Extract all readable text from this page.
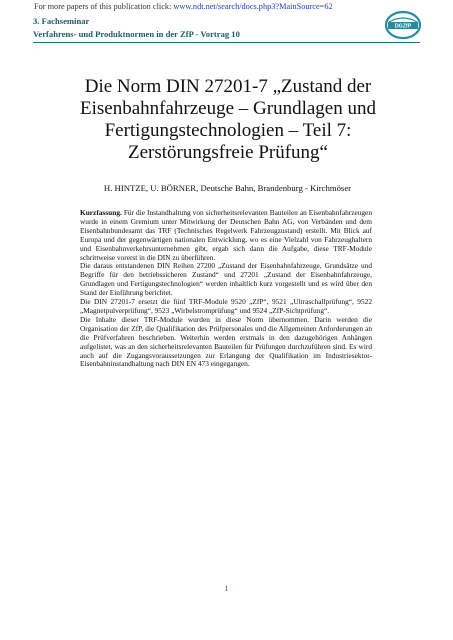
For more papers of this publication click: www.ndt.net/search/docs.php3?MainSource=62
3. Fachseminar
Verfahrens- und Produktnormen in der ZfP - Vortrag 10
DGZfP
Die Norm DIN 27201-7 „Zustand der Eisenbahnfahrzeuge – Grundlagen und Fertigungstechnologien – Teil 7: Zerstörungsfreie Prüfung“
H. HINTZE, U. BÖRNER, Deutsche Bahn, Brandenburg - Kirchmöser

Kurzfassung. Für die Instandhaltung von sicherheitsrelevanten Bauteilen an Eisenbahnfahrzeugen wurde in einem Gremium unter Mitwirkung der Deutschen Bahn AG, von Verbänden und dem Eisenbahnbundesamt das TRF (Technisches Regelwerk Fahrzeugzustand) erstellt. Mit Blick auf Europa und der gegenwärtigen nationalen Entwicklung, wo es eine Vielzahl von Fahrzeughaltern und Eisenbahnverkehrsunternehmen gibt, ergab sich dann die Aufgabe, diese TRF-Module schrittweise vorerst in die DIN zu überführen.

Die daraus entstandenen DIN Reihen 27200 „Zustand der Eisenbahnfahrzeuge, Grundsätze und Begriffe für den betriebssicheren Zustand“ und 27201 „Zustand der Eisenbahnfahrzeuge, Grundlagen und Fertigungstechnologien“ werden inhaltlich kurz vorgestellt und es wird über den Stand der Einführung berichtet.

Die DIN 27201-7 ersetzt die fünf TRF-Module 9520 „ZfP“, 9521 „Ultraschallprüfung“, 9522 „Magnetpulverprüfung“, 9523 „Wirbelstromprüfung“ und 9524 „ZfP-Sichtprüfung“.

Die Inhalte dieser TRF-Module wurden in diese Norm übernommen. Darin werden die Organisation der ZfP, die Qualifikation des Prüfpersonales und die Allgemeinen Anforderungen an die Prüfverfahren beschrieben. Weiterhin werden erstmals in den dazugehörigen Anhängen aufgelistet, was an den sicherheitsrelevanten Bauteilen für Prüfungen durchzuführen sind. Es wird auch auf die Zugangsvoraussetzungen zur Erlangung der Qualifikation im Industriesektor-Eisenbahninstandhaltung nach DIN EN 473 eingegangen.

1
